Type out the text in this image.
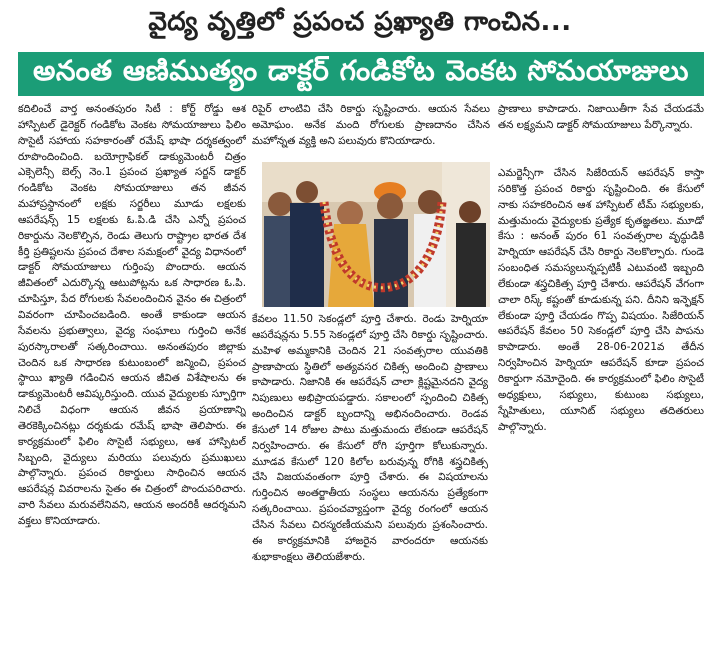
వైద్య వృత్తిలో ప్రపంచ ప్రఖ్యాతి గాంచిన...
అనంత ఆణిముత్యం డాక్టర్ గండికోట వెంకట సోమయాజులు

కదిలించే వార్త అనంతపురం సిటీ : కోర్ట్ రోడ్డు ఆశ హాస్పిటల్ డైరెక్టర్ గండికోట వెంకట సోమయాజులు ఫిలిం సొసైటీ సహాయ సహకారంతో రమేష్ భాషా దర్శకత్వంలో రూపొందించింది. బయోగ్రాఫికల్ డాక్యుమెంటరీ చిత్రం ఎక్సెలెన్సీ బెల్స్ నెం.1 ప్రపంచ ప్రఖ్యాత సర్జన్ డాక్టర్ గండికోట వెంకట సోమయాజులు తన జీవన మహాప్రస్థానంలో లక్షకు సర్జరీలు మూడు లక్షలకు ఆపరేషన్స్ 15 లక్షలకు ఓ.పి.డి చేసి ఎన్నో ప్రపంచ రికార్డును నెలకొల్పిన, రెండు తెలుగు రాష్ట్రాల భారత దేశ కీర్తి ప్రతిష్టలను ప్రపంచ దేశాల సమక్షంలో వైద్య విధానంలో డాక్టర్ సోమయాజులు గుర్తింపు పొందారు. ఆయన జీవితంలో ఎదుర్కొన్న ఆటుపోట్లను ఒక సాధారణ ఓ.పి. చూపిస్తూ, పేద రోగులకు సేవలందించిన వైనం ఈ చిత్రంలో వివరంగా చూపించబడింది. అంతే కాకుండా ఆయన సేవలను ప్రభుత్వాలు, వైద్య సంఘాలు గుర్తించి అనేక పురస్కారాలతో సత్కరించాయి. అనంతపురం జిల్లాకు చెందిన ఒక సాధారణ కుటుంబంలో జన్మించి, ప్రపంచ స్థాయి ఖ్యాతి గడించిన ఆయన జీవిత విశేషాలను ఈ డాక్యుమెంటరీ ఆవిష్కరిస్తుంది. యువ వైద్యులకు స్ఫూర్తిగా నిలిచే విధంగా ఆయన జీవన ప్రయాణాన్ని తెరకెక్కించినట్లు దర్శకుడు రమేష్ భాషా తెలిపారు. ఈ కార్యక్రమంలో ఫిలిం సొసైటీ సభ్యులు, ఆశ హాస్పిటల్ సిబ్బంది, వైద్యులు మరియు పలువురు ప్రముఖులు పాల్గొన్నారు. ప్రపంచ రికార్డులు సాధించిన ఆయన ఆపరేషన్ల వివరాలను సైతం ఈ చిత్రంలో పొందుపరిచారు. వారి సేవలు మరువలేనివని, ఆయన అందరికీ ఆదర్శమని వక్తలు కొనియాడారు.

రిపైర్ లాంటివి చేసి రికార్డు సృష్టించారు. ఆయన సేవలు అమోఘం. అనేక మంది రోగులకు ప్రాణదానం చేసిన మహోన్నత వ్యక్తి అని పలువురు కొనియాడారు.

ప్రాణాలు కాపాడారు. నిజాయితీగా సేవ చేయడమే తన లక్ష్యమని డాక్టర్ సోమయాజులు పేర్కొన్నారు.

కేవలం 11.50 సెకండ్లలో పూర్తి చేశారు. రెండు హెర్నియా ఆపరేషన్లను 5.55 సెకండ్లలో పూర్తి చేసి రికార్డు సృష్టించారు. మహిళ అమ్మకానికి చెందిన 21 సంవత్సరాల యువతికి ప్రాణాపాయ స్థితిలో అత్యవసర చికిత్స అందించి ప్రాణాలు కాపాడారు. నిజానికి ఈ ఆపరేషన్ చాలా క్లిష్టమైనదని వైద్య నిపుణులు అభిప్రాయపడ్డారు. సకాలంలో స్పందించి చికిత్స అందించిన డాక్టర్ బృందాన్ని అభినందించారు. రెండవ కేసులో 14 రోజుల పాటు మత్తుమందు లేకుండా ఆపరేషన్ నిర్వహించారు. ఈ కేసులో రోగి పూర్తిగా కోలుకున్నారు. మూడవ కేసులో 120 కిలోల బరువున్న రోగికి శస్త్రచికిత్స చేసి విజయవంతంగా పూర్తి చేశారు. ఈ విషయాలను గుర్తించిన అంతర్జాతీయ సంస్థలు ఆయనను ప్రత్యేకంగా సత్కరించాయి. ప్రపంచవ్యాప్తంగా వైద్య రంగంలో ఆయన చేసిన సేవలు చిరస్మరణీయమని పలువురు ప్రశంసించారు. ఈ కార్యక్రమానికి హాజరైన వారందరూ ఆయనకు శుభాకాంక్షలు తెలియజేశారు.

ఎమర్జెన్సీగా చేసిన సిజేరియన్ ఆపరేషన్ కాస్తా సరికొత్త ప్రపంచ రికార్డు సృష్టించింది. ఈ కేసులో నాకు సహకరించిన ఆశ హాస్పిటల్ టీమ్ సభ్యులకు, మత్తుమందు వైద్యులకు ప్రత్యేక కృతజ్ఞతలు. మూడో కేసు : అనంత్ పురం 61 సంవత్సరాల వృద్ధుడికి హెర్నియా ఆపరేషన్ చేసి రికార్డు నెలకొల్పారు. గుండె సంబంధిత సమస్యలున్నప్పటికీ ఎటువంటి ఇబ్బంది లేకుండా శస్త్రచికిత్స పూర్తి చేశారు. ఆపరేషన్ వేగంగా చాలా రిస్క్ కష్టంతో కూడుకున్న పని. దీనిని ఇన్ఫెక్షన్ లేకుండా పూర్తి చేయడం గొప్ప విషయం. సిజేరియన్ ఆపరేషన్ కేవలం 50 సెకండ్లలో పూర్తి చేసి పాపను కాపాడారు. అంతే 28-06-2021వ తేదీన నిర్వహించిన హెర్నియా ఆపరేషన్ కూడా ప్రపంచ రికార్డుగా నమోదైంది. ఈ కార్యక్రమంలో ఫిలిం సొసైటీ అధ్యక్షులు, సభ్యులు, కుటుంబ సభ్యులు, స్నేహితులు, యూనిట్ సభ్యులు తదితరులు పాల్గొన్నారు.
